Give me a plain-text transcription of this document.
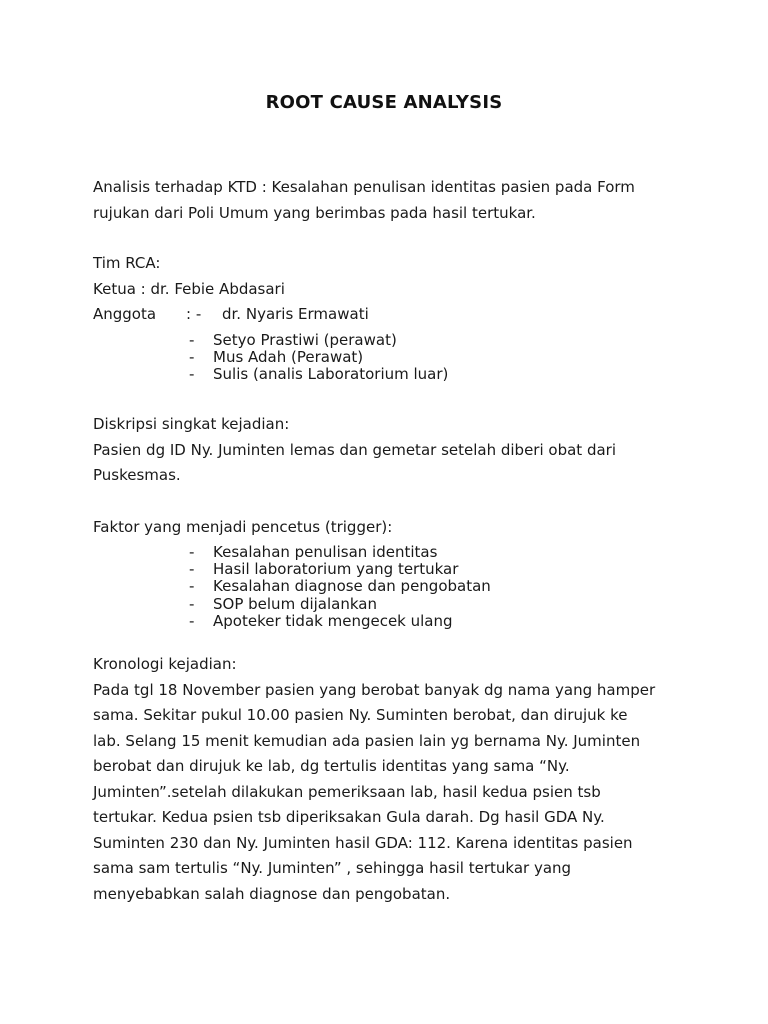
ROOT CAUSE ANALYSIS

Analisis terhadap KTD : Kesalahan penulisan identitas pasien pada Form

rujukan dari Poli Umum yang berimbas pada hasil tertukar.

Tim RCA:

Ketua : dr. Febie Abdasari

Anggota : - dr. Nyaris Ermawati

- Setyo Prastiwi (perawat)
- Mus Adah (Perawat)
- Sulis (analis Laboratorium luar)

Diskripsi singkat kejadian:

Pasien dg ID Ny. Juminten lemas dan gemetar setelah diberi obat dari

Puskesmas.

Faktor yang menjadi pencetus (trigger):

- Kesalahan penulisan identitas
- Hasil laboratorium yang tertukar
- Kesalahan diagnose dan pengobatan
- SOP belum dijalankan
- Apoteker tidak mengecek ulang

Kronologi kejadian:

Pada tgl 18 November pasien yang berobat banyak dg nama yang hamper

sama. Sekitar pukul 10.00 pasien Ny. Suminten berobat, dan dirujuk ke

lab. Selang 15 menit kemudian ada pasien lain yg bernama Ny. Juminten

berobat dan dirujuk ke lab, dg tertulis identitas yang sama “Ny.

Juminten”.setelah dilakukan pemeriksaan lab, hasil kedua psien tsb

tertukar. Kedua psien tsb diperiksakan Gula darah. Dg hasil GDA Ny.

Suminten 230 dan Ny. Juminten hasil GDA: 112. Karena identitas pasien

sama sam tertulis “Ny. Juminten” , sehingga hasil tertukar yang

menyebabkan salah diagnose dan pengobatan.
